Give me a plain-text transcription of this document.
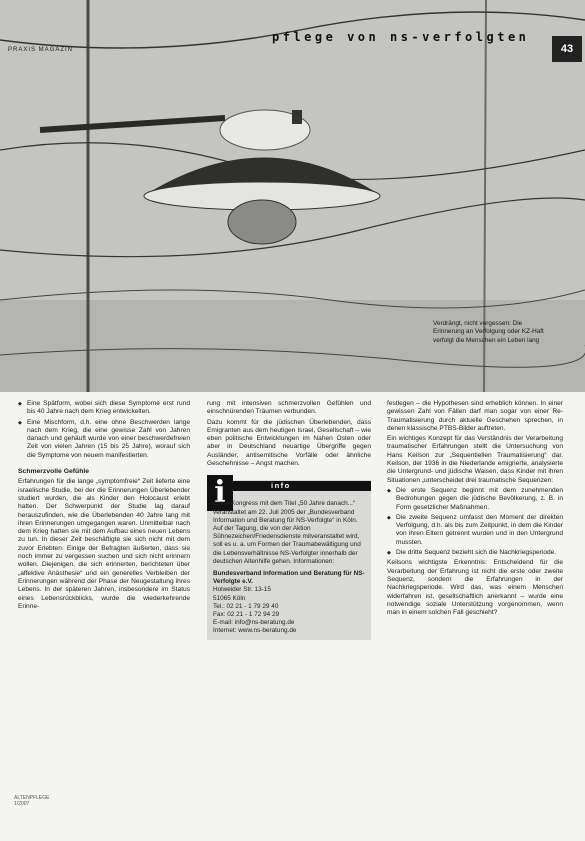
PRAXIS MAGAZIN
pflege von ns-verfolgten
43
Verdrängt, nicht vergessen: Die Erinnerung an Verfolgung oder KZ-Haft verfolgt die Menschen ein Leben lang
◆ Eine Spätform, wobei sich diese Symptome erst rund bis 40 Jahre nach dem Krieg entwickelten.
◆ Eine Mischform, d.h. eine ohne Beschwerden lange nach dem Krieg, die eine gewisse Zahl von Jahren danach und gehäuft wurde von einer beschwerdefreien Zeit von vielen Jahren (15 bis 25 Jahre), worauf sich die Symptome von neuem manifestierten.
Schmerzvolle Gefühle

Erfahrungen für die lange „symptomfreie“ Zeit lieferte eine israelische Studie, bei der die Erinnerungen Überlebender studiert wurden, die als Kinder den Holocaust erlebt hatten. Der Schwerpunkt der Studie lag darauf herauszufinden, wie die Überlebenden 40 Jahre lang mit ihren Erinnerungen umgegangen waren. Unmittelbar nach dem Krieg hatten sie mit dem Aufbau eines neuen Lebens zu tun. In dieser Zeit beschäftigte sie sich nicht mit dem zuvor Erlebten. Einige der Befragten äußerten, dass sie noch immer zu vergessen suchen und sich nicht erinnern wollen. Diejenigen, die sich erinnerten, berichteten über „affektive Anästhesie“ und ein generelles Verbleiben der Erinnerungen während der Phase der Neugestaltung ihres Lebens. In der späteren Jahren, insbesondere im Status eines Lebensrückblicks, wurde die wiederkehrende Erinne-

rung mit intensiven schmerzvollen Gefühlen und einschnürenden Träumen verbunden.

Dazu kommt für die jüdischen Überlebenden, dass Emigranten aus dem heutigen Israel, Gesellschaft – wie eben politische Entwicklungen im Nahen Osten oder aber in Deutschland neuartige Übergriffe gegen Ausländer, antisemitische Vorfälle oder ähnliche Geschehnisse – Angst machen.

i	info
Einen Kongress mit dem Titel „50 Jahre danach...“ veranstaltet am 22. Juli 2005 der „Bundesverband Information und Beratung für NS-Verfolgte“ in Köln. Auf der Tagung, die von der Aktion Sühnezeichen/Friedensdienste mitveranstaltet wird, soll es u. a. um Formen der Traumabewältigung und die Lebensverhältnisse NS-Verfolgter innerhalb der deutschen Altenhilfe gehen. Informationen:
Bundesverband Information und Beratung für NS-Verfolgte e.V.
Holweider Str. 13-15
51065 Köln
Tel.: 02 21 - 1 79 29 40
Fax: 02 21 - 1 72 94 29
E-mail: info@ns-beratung.de
Internet: www.ns-beratung.de

festlegen – die Hypothesen sind erheblich können. In einer gewissen Zahl von Fällen darf man sogar von einer Re-Traumatisierung durch aktuelle Geschehen sprechen, in denen klassische PTBS-Bilder auftreten.

Ein wichtiges Konzept für das Verständnis der Verarbeitung traumatischer Erfahrungen stellt die Untersuchung von Hans Keilson zur „Sequentiellen Traumatisierung“ dar. Keilson, der 1936 in die Niederlande emigrierte, analysierte die Untergrund- und jüdische Waisen, dass Kinder mit ihren Situationen „unterscheidet drei traumatische Sequenzen:

◆ Die erste Sequenz beginnt mit dem zunehmenden Bedrohungen gegen die jüdische Bevölkerung, z. B. in Form gesetzlicher Maßnahmen.
◆ Die zweite Sequenz umfasst den Moment der direkten Verfolgung, d.h. als bis zum Zeitpunkt, in dem die Kinder von ihren Eltern getrennt wurden und in den Untergrund mussten.
◆ Die dritte Sequenz bezieht sich die Nachkriegsperiode.

Keilsons wichtigste Erkenntnis: Entscheidend für die Verarbeitung der Erfahrung ist nicht die erste oder zweite Sequenz, sondern die Erfahrungen in der Nachkriegsperiode. Wird das, was einem Menschen widerfahren ist, gesellschaftlich anerkannt – wurde eine notwendige soziale Unterstützung vorgenommen, wenn man in einem solchen Fall geschieht?

ALTENPFLEGE 1/2007
